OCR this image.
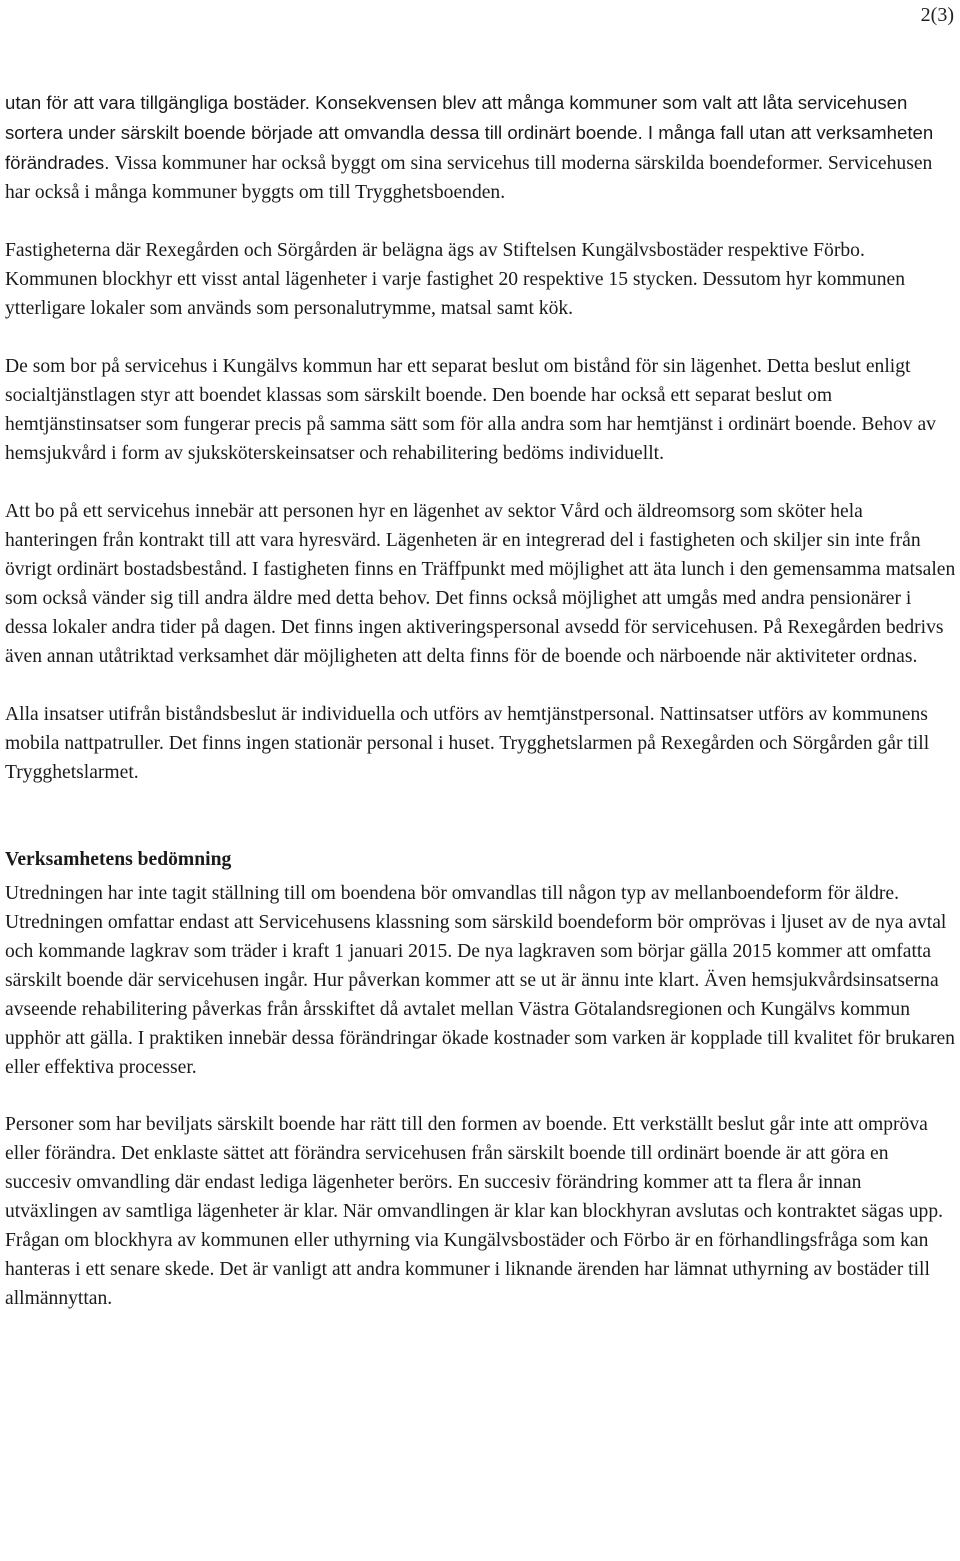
2(3)

utan för att vara tillgängliga bostäder. Konsekvensen blev att många kommuner som valt att låta servicehusen sortera under särskilt boende började att omvandla dessa till ordinärt boende. I många fall utan att verksamheten förändrades. Vissa kommuner har också byggt om sina servicehus till moderna särskilda boendeformer. Servicehusen har också i många kommuner byggts om till Trygghetsboenden.

Fastigheterna där Rexegården och Sörgården är belägna ägs av Stiftelsen Kungälvsbostäder respektive Förbo. Kommunen blockhyr ett visst antal lägenheter i varje fastighet 20 respektive 15 stycken. Dessutom hyr kommunen ytterligare lokaler som används som personalutrymme, matsal samt kök.

De som bor på servicehus i Kungälvs kommun har ett separat beslut om bistånd för sin lägenhet. Detta beslut enligt socialtjänstlagen styr att boendet klassas som särskilt boende. Den boende har också ett separat beslut om hemtjänstinsatser som fungerar precis på samma sätt som för alla andra som har hemtjänst i ordinärt boende. Behov av hemsjukvård i form av sjuksköterskeinsatser och rehabilitering bedöms individuellt.

Att bo på ett servicehus innebär att personen hyr en lägenhet av sektor Vård och äldreomsorg som sköter hela hanteringen från kontrakt till att vara hyresvärd. Lägenheten är en integrerad del i fastigheten och skiljer sin inte från övrigt ordinärt bostadsbestånd. I fastigheten finns en Träffpunkt med möjlighet att äta lunch i den gemensamma matsalen som också vänder sig till andra äldre med detta behov. Det finns också möjlighet att umgås med andra pensionärer i dessa lokaler andra tider på dagen. Det finns ingen aktiveringspersonal avsedd för servicehusen. På Rexegården bedrivs även annan utåtriktad verksamhet där möjligheten att delta finns för de boende och närboende när aktiviteter ordnas.

Alla insatser utifrån biståndsbeslut är individuella och utförs av hemtjänstpersonal. Nattinsatser utförs av kommunens mobila nattpatruller. Det finns ingen stationär personal i huset. Trygghetslarmen på Rexegården och Sörgården går till Trygghetslarmet.

Verksamhetens bedömning

Utredningen har inte tagit ställning till om boendena bör omvandlas till någon typ av mellanboendeform för äldre. Utredningen omfattar endast att Servicehusens klassning som särskild boendeform bör omprövas i ljuset av de nya avtal och kommande lagkrav som träder i kraft 1 januari 2015. De nya lagkraven som börjar gälla 2015 kommer att omfatta särskilt boende där servicehusen ingår. Hur påverkan kommer att se ut är ännu inte klart. Även hemsjukvårdsinsatserna avseende rehabilitering påverkas från årsskiftet då avtalet mellan Västra Götalandsregionen och Kungälvs kommun upphör att gälla. I praktiken innebär dessa förändringar ökade kostnader som varken är kopplade till kvalitet för brukaren eller effektiva processer.

Personer som har beviljats särskilt boende har rätt till den formen av boende. Ett verkställt beslut går inte att ompröva eller förändra. Det enklaste sättet att förändra servicehusen från särskilt boende till ordinärt boende är att göra en succesiv omvandling där endast lediga lägenheter berörs. En succesiv förändring kommer att ta flera år innan utväxlingen av samtliga lägenheter är klar. När omvandlingen är klar kan blockhyran avslutas och kontraktet sägas upp. Frågan om blockhyra av kommunen eller uthyrning via Kungälvsbostäder och Förbo är en förhandlingsfråga som kan hanteras i ett senare skede. Det är vanligt att andra kommuner i liknande ärenden har lämnat uthyrning av bostäder till allmännyttan.
